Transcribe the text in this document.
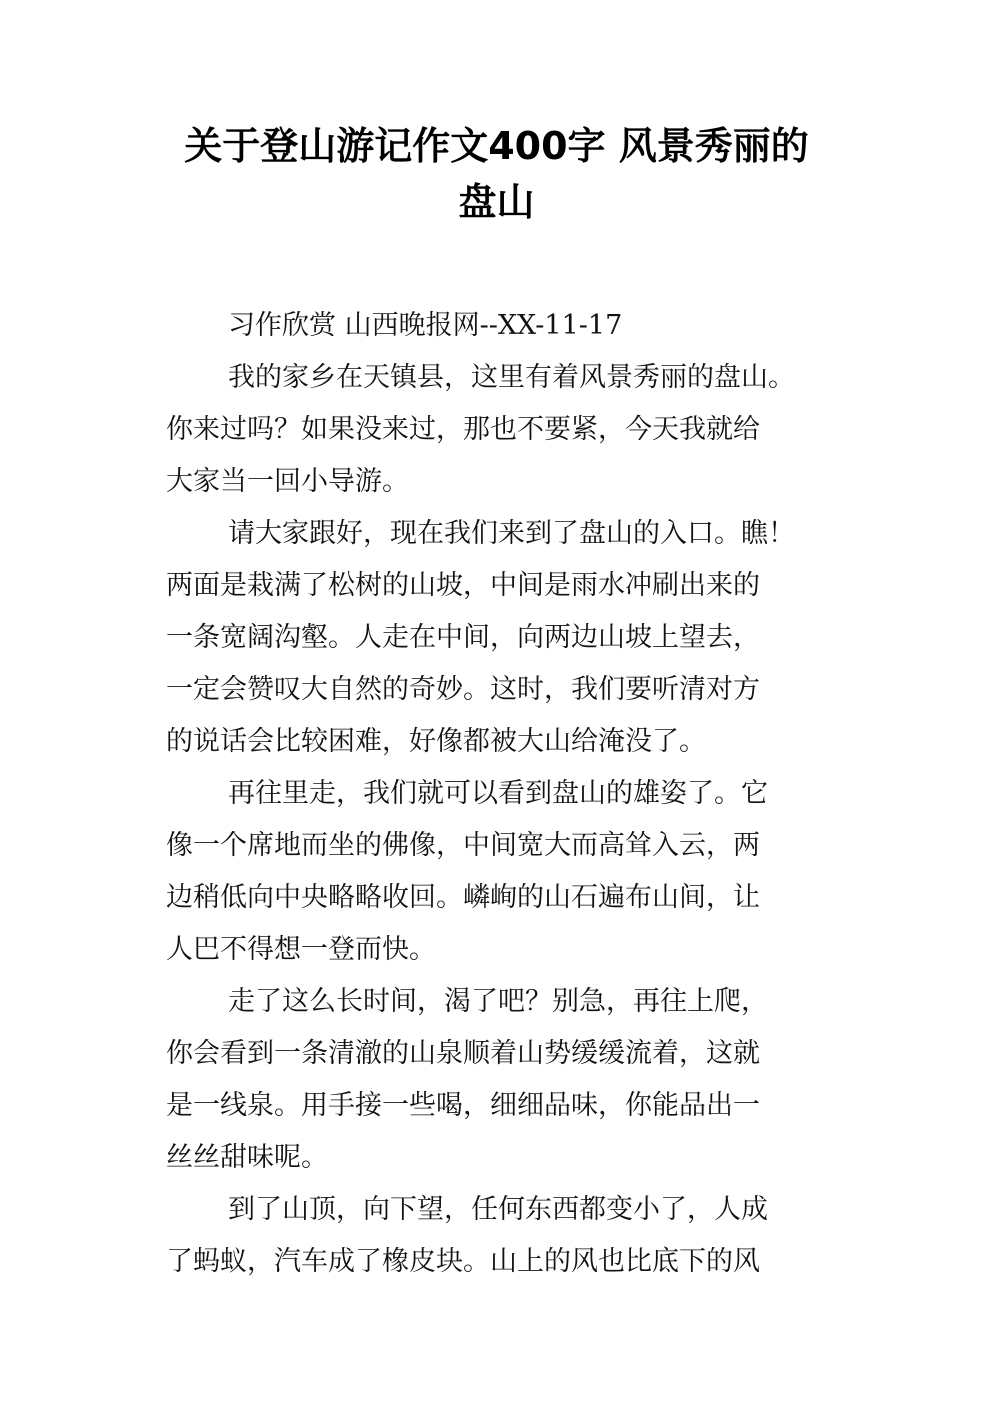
关于登山游记作文400字 风景秀丽的
盘山
习作欣赏 山西晚报网--XX-11-17
我的家乡在天镇县，这里有着风景秀丽的盘山。
你来过吗？如果没来过，那也不要紧，今天我就给
大家当一回小导游。
请大家跟好，现在我们来到了盘山的入口。瞧！
两面是栽满了松树的山坡，中间是雨水冲刷出来的
一条宽阔沟壑。人走在中间，向两边山坡上望去，
一定会赞叹大自然的奇妙。这时，我们要听清对方
的说话会比较困难，好像都被大山给淹没了。
再往里走，我们就可以看到盘山的雄姿了。它
像一个席地而坐的佛像，中间宽大而高耸入云，两
边稍低向中央略略收回。嶙峋的山石遍布山间，让
人巴不得想一登而快。
走了这么长时间，渴了吧？别急，再往上爬，
你会看到一条清澈的山泉顺着山势缓缓流着，这就
是一线泉。用手接一些喝，细细品味，你能品出一
丝丝甜味呢。
到了山顶，向下望，任何东西都变小了，人成
了蚂蚁，汽车成了橡皮块。山上的风也比底下的风
